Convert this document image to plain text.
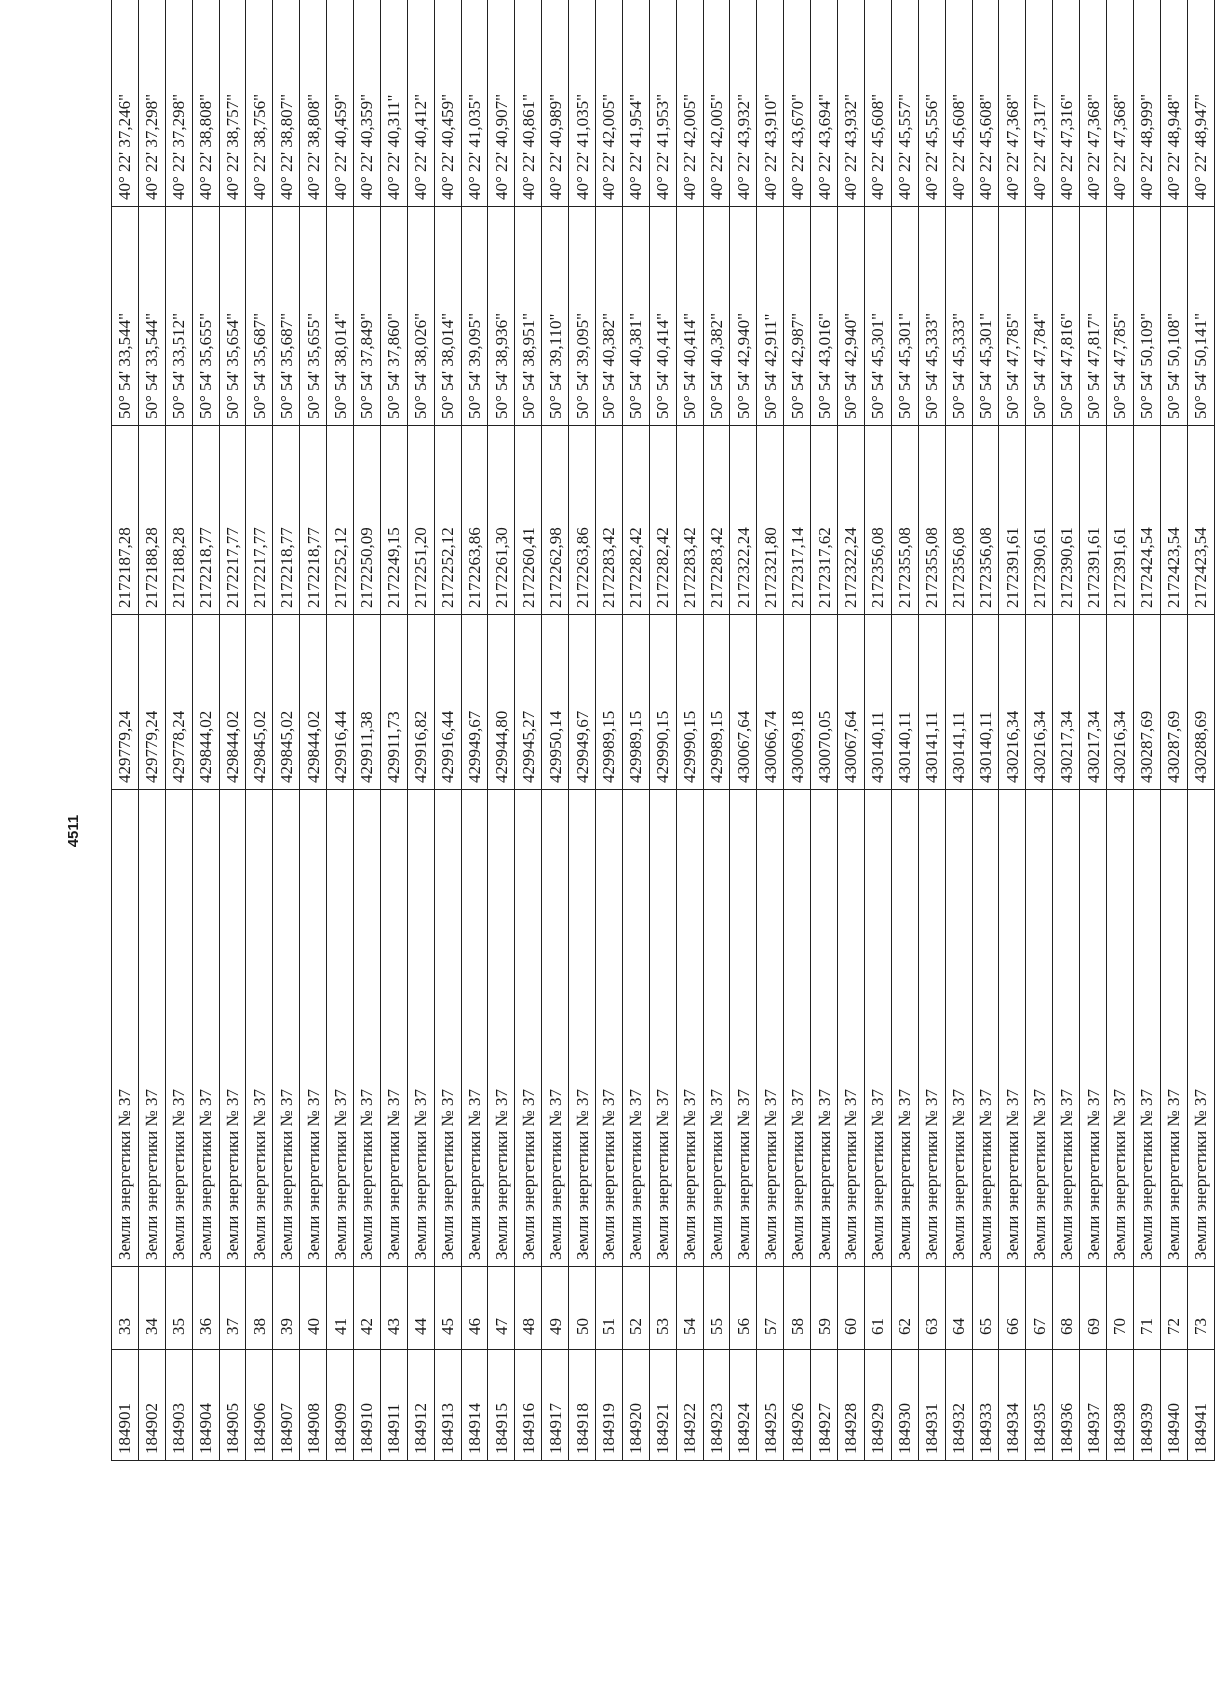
4511
184901	33	Земли энергетики № 37	429779,24	2172187,28	50° 54' 33,544"	40° 22' 37,246"
184902	34	Земли энергетики № 37	429779,24	2172188,28	50° 54' 33,544"	40° 22' 37,298"
184903	35	Земли энергетики № 37	429778,24	2172188,28	50° 54' 33,512"	40° 22' 37,298"
184904	36	Земли энергетики № 37	429844,02	2172218,77	50° 54' 35,655"	40° 22' 38,808"
184905	37	Земли энергетики № 37	429844,02	2172217,77	50° 54' 35,654"	40° 22' 38,757"
184906	38	Земли энергетики № 37	429845,02	2172217,77	50° 54' 35,687"	40° 22' 38,756"
184907	39	Земли энергетики № 37	429845,02	2172218,77	50° 54' 35,687"	40° 22' 38,807"
184908	40	Земли энергетики № 37	429844,02	2172218,77	50° 54' 35,655"	40° 22' 38,808"
184909	41	Земли энергетики № 37	429916,44	2172252,12	50° 54' 38,014"	40° 22' 40,459"
184910	42	Земли энергетики № 37	429911,38	2172250,09	50° 54' 37,849"	40° 22' 40,359"
184911	43	Земли энергетики № 37	429911,73	2172249,15	50° 54' 37,860"	40° 22' 40,311"
184912	44	Земли энергетики № 37	429916,82	2172251,20	50° 54' 38,026"	40° 22' 40,412"
184913	45	Земли энергетики № 37	429916,44	2172252,12	50° 54' 38,014"	40° 22' 40,459"
184914	46	Земли энергетики № 37	429949,67	2172263,86	50° 54' 39,095"	40° 22' 41,035"
184915	47	Земли энергетики № 37	429944,80	2172261,30	50° 54' 38,936"	40° 22' 40,907"
184916	48	Земли энергетики № 37	429945,27	2172260,41	50° 54' 38,951"	40° 22' 40,861"
184917	49	Земли энергетики № 37	429950,14	2172262,98	50° 54' 39,110"	40° 22' 40,989"
184918	50	Земли энергетики № 37	429949,67	2172263,86	50° 54' 39,095"	40° 22' 41,035"
184919	51	Земли энергетики № 37	429989,15	2172283,42	50° 54' 40,382"	40° 22' 42,005"
184920	52	Земли энергетики № 37	429989,15	2172282,42	50° 54' 40,381"	40° 22' 41,954"
184921	53	Земли энергетики № 37	429990,15	2172282,42	50° 54' 40,414"	40° 22' 41,953"
184922	54	Земли энергетики № 37	429990,15	2172283,42	50° 54' 40,414"	40° 22' 42,005"
184923	55	Земли энергетики № 37	429989,15	2172283,42	50° 54' 40,382"	40° 22' 42,005"
184924	56	Земли энергетики № 37	430067,64	2172322,24	50° 54' 42,940"	40° 22' 43,932"
184925	57	Земли энергетики № 37	430066,74	2172321,80	50° 54' 42,911"	40° 22' 43,910"
184926	58	Земли энергетики № 37	430069,18	2172317,14	50° 54' 42,987"	40° 22' 43,670"
184927	59	Земли энергетики № 37	430070,05	2172317,62	50° 54' 43,016"	40° 22' 43,694"
184928	60	Земли энергетики № 37	430067,64	2172322,24	50° 54' 42,940"	40° 22' 43,932"
184929	61	Земли энергетики № 37	430140,11	2172356,08	50° 54' 45,301"	40° 22' 45,608"
184930	62	Земли энергетики № 37	430140,11	2172355,08	50° 54' 45,301"	40° 22' 45,557"
184931	63	Земли энергетики № 37	430141,11	2172355,08	50° 54' 45,333"	40° 22' 45,556"
184932	64	Земли энергетики № 37	430141,11	2172356,08	50° 54' 45,333"	40° 22' 45,608"
184933	65	Земли энергетики № 37	430140,11	2172356,08	50° 54' 45,301"	40° 22' 45,608"
184934	66	Земли энергетики № 37	430216,34	2172391,61	50° 54' 47,785"	40° 22' 47,368"
184935	67	Земли энергетики № 37	430216,34	2172390,61	50° 54' 47,784"	40° 22' 47,317"
184936	68	Земли энергетики № 37	430217,34	2172390,61	50° 54' 47,816"	40° 22' 47,316"
184937	69	Земли энергетики № 37	430217,34	2172391,61	50° 54' 47,817"	40° 22' 47,368"
184938	70	Земли энергетики № 37	430216,34	2172391,61	50° 54' 47,785"	40° 22' 47,368"
184939	71	Земли энергетики № 37	430287,69	2172424,54	50° 54' 50,109"	40° 22' 48,999"
184940	72	Земли энергетики № 37	430287,69	2172423,54	50° 54' 50,108"	40° 22' 48,948"
184941	73	Земли энергетики № 37	430288,69	2172423,54	50° 54' 50,141"	40° 22' 48,947"
